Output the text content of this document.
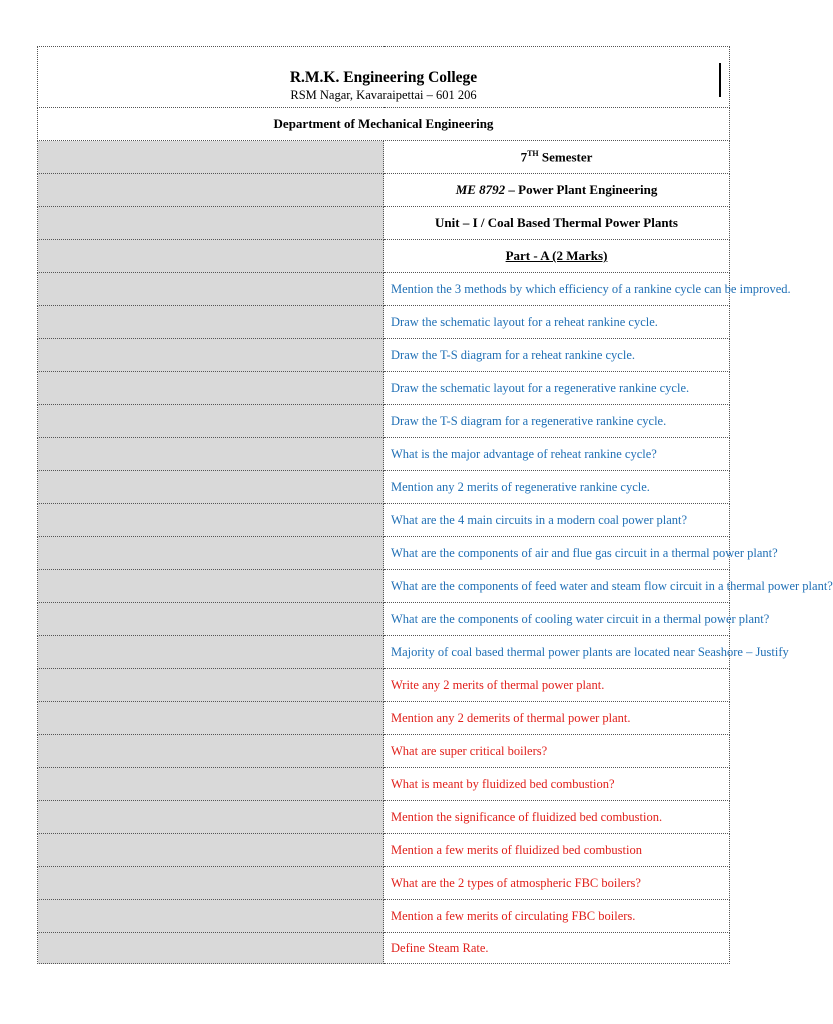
R.M.K. Engineering College
RSM Nagar, Kavaraipettai – 601 206	

Department of Mechanical Engineering	
	7TH Semester
	ME 8792 – Power Plant Engineering
	Unit – I / Coal Based Thermal Power Plants
	Part - A (2 Marks)
	Mention the 3 methods by which efficiency of a rankine cycle can be improved.
	Draw the schematic layout for a reheat rankine cycle.
	Draw the T-S diagram for a reheat rankine cycle.
	Draw the schematic layout for a regenerative rankine cycle.
	Draw the T-S diagram for a regenerative rankine cycle.
	What is the major advantage of reheat rankine cycle?
	Mention any 2 merits of regenerative rankine cycle.
	What are the 4 main circuits in a modern coal power plant?
	What are the components of air and flue gas circuit in a thermal power plant?
	What are the components of feed water and steam flow circuit in a thermal power plant?
	What are the components of cooling water circuit in a thermal power plant?
	Majority of coal based thermal power plants are located near Seashore – Justify
	Write any 2 merits of thermal power plant.
	Mention any 2 demerits of thermal power plant.
	What are super critical boilers?
	What is meant by fluidized bed combustion?
	Mention the significance of fluidized bed combustion.
	Mention a few merits of fluidized bed combustion
	What are the 2 types of atmospheric FBC boilers?
	Mention a few merits of circulating FBC boilers.
	Define Steam Rate.
